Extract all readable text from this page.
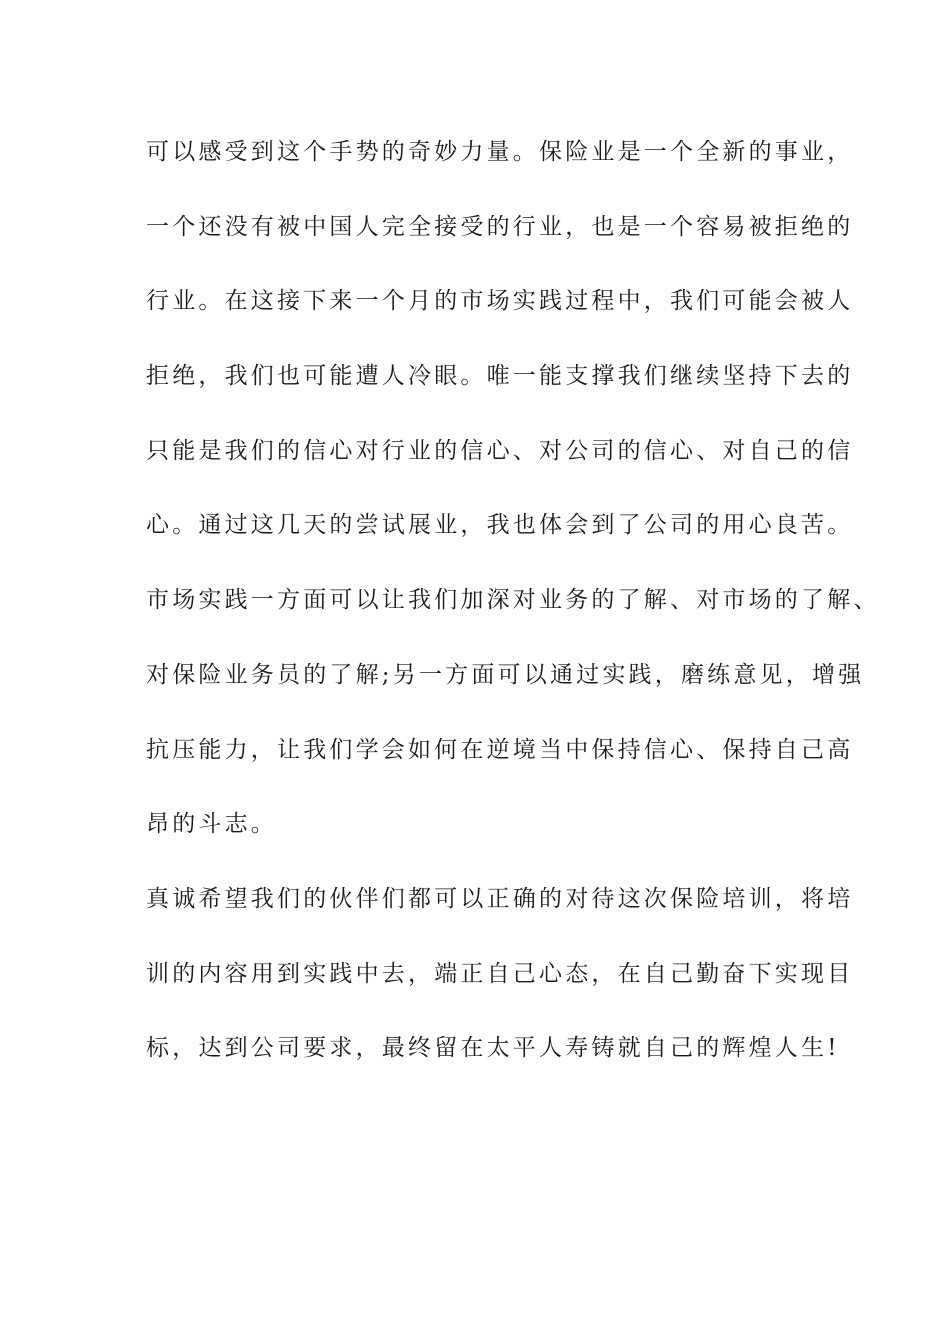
可以感受到这个手势的奇妙力量。保险业是一个全新的事业，
一个还没有被中国人完全接受的行业，也是一个容易被拒绝的
行业。在这接下来一个月的市场实践过程中，我们可能会被人
拒绝，我们也可能遭人冷眼。唯一能支撑我们继续坚持下去的
只能是我们的信心对行业的信心、对公司的信心、对自己的信
心。通过这几天的尝试展业，我也体会到了公司的用心良苦。
市场实践一方面可以让我们加深对业务的了解、对市场的了解、
对保险业务员的了解;另一方面可以通过实践，磨练意见，增强
抗压能力，让我们学会如何在逆境当中保持信心、保持自己高
昂的斗志。
真诚希望我们的伙伴们都可以正确的对待这次保险培训，将培
训的内容用到实践中去，端正自己心态，在自己勤奋下实现目
标，达到公司要求，最终留在太平人寿铸就自己的辉煌人生!
